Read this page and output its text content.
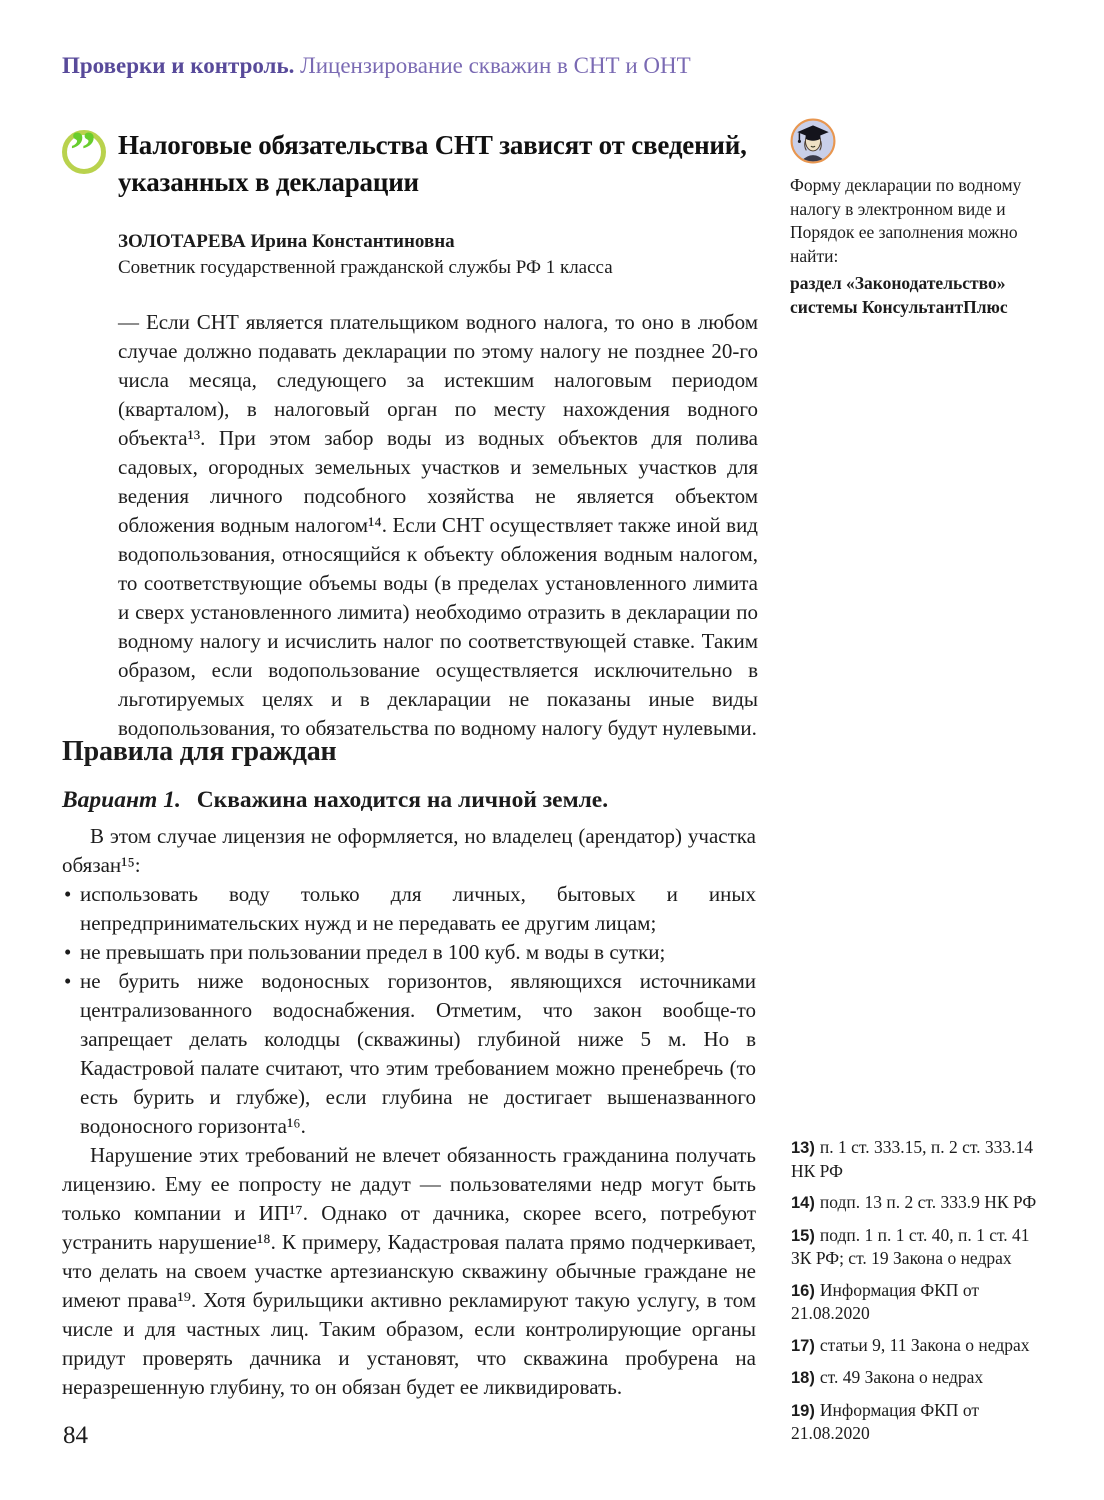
Проверки и контроль. Лицензирование скважин в СНТ и ОНТ
” Налоговые обязательства СНТ зависят от сведений, указанных в декларации
ЗОЛОТАРЕВА Ирина Константиновна
Советник государственной гражданской службы РФ 1 класса
— Если СНТ является плательщиком водного налога, то оно в любом случае должно подавать декларации по этому налогу не позднее 20-го числа месяца, следующего за истекшим налоговым периодом (кварталом), в налоговый орган по месту нахождения водного объекта¹³. При этом забор воды из водных объектов для полива садовых, огородных земельных участков и земельных участков для ведения личного подсобного хозяйства не является объектом обложения водным налогом¹⁴. Если СНТ осуществляет также иной вид водопользования, относящийся к объекту обложения водным налогом, то соответствующие объемы воды (в пределах установленного лимита и сверх установленного лимита) необходимо отразить в декларации по водному налогу и исчислить налог по соответствующей ставке. Таким образом, если водопользование осуществляется исключительно в льготируемых целях и в декларации не показаны иные виды водопользования, то обязательства по водному налогу будут нулевыми.
Правила для граждан
Вариант 1. Скважина находится на личной земле.
В этом случае лицензия не оформляется, но владелец (арендатор) участка обязан¹⁵:
• использовать воду только для личных, бытовых и иных непредпринимательских нужд и не передавать ее другим лицам;
• не превышать при пользовании предел в 100 куб. м воды в сутки;
• не бурить ниже водоносных горизонтов, являющихся источниками централизованного водоснабжения. Отметим, что закон вообще-то запрещает делать колодцы (скважины) глубиной ниже 5 м. Но в Кадастровой палате считают, что этим требованием можно пренебречь (то есть бурить и глубже), если глубина не достигает вышеназванного водоносного горизонта¹⁶.
Нарушение этих требований не влечет обязанность гражданина получать лицензию. Ему ее попросту не дадут — пользователями недр могут быть только компании и ИП¹⁷. Однако от дачника, скорее всего, потребуют устранить нарушение¹⁸. К примеру, Кадастровая палата прямо подчеркивает, что делать на своем участке артезианскую скважину обычные граждане не имеют права¹⁹. Хотя бурильщики активно рекламируют такую услугу, в том числе и для частных лиц. Таким образом, если контролирующие органы придут проверять дачника и установят, что скважина пробурена на неразрешенную глубину, то он обязан будет ее ликвидировать.
Форму декларации по водному налогу в электронном виде и Порядок ее заполнения можно найти:
раздел «Законодательство» системы КонсультантПлюс
13) п. 1 ст. 333.15, п. 2 ст. 333.14 НК РФ
14) подп. 13 п. 2 ст. 333.9 НК РФ
15) подп. 1 п. 1 ст. 40, п. 1 ст. 41 ЗК РФ; ст. 19 Закона о недрах
16) Информация ФКП от 21.08.2020
17) статьи 9, 11 Закона о недрах
18) ст. 49 Закона о недрах
19) Информация ФКП от 21.08.2020
84
